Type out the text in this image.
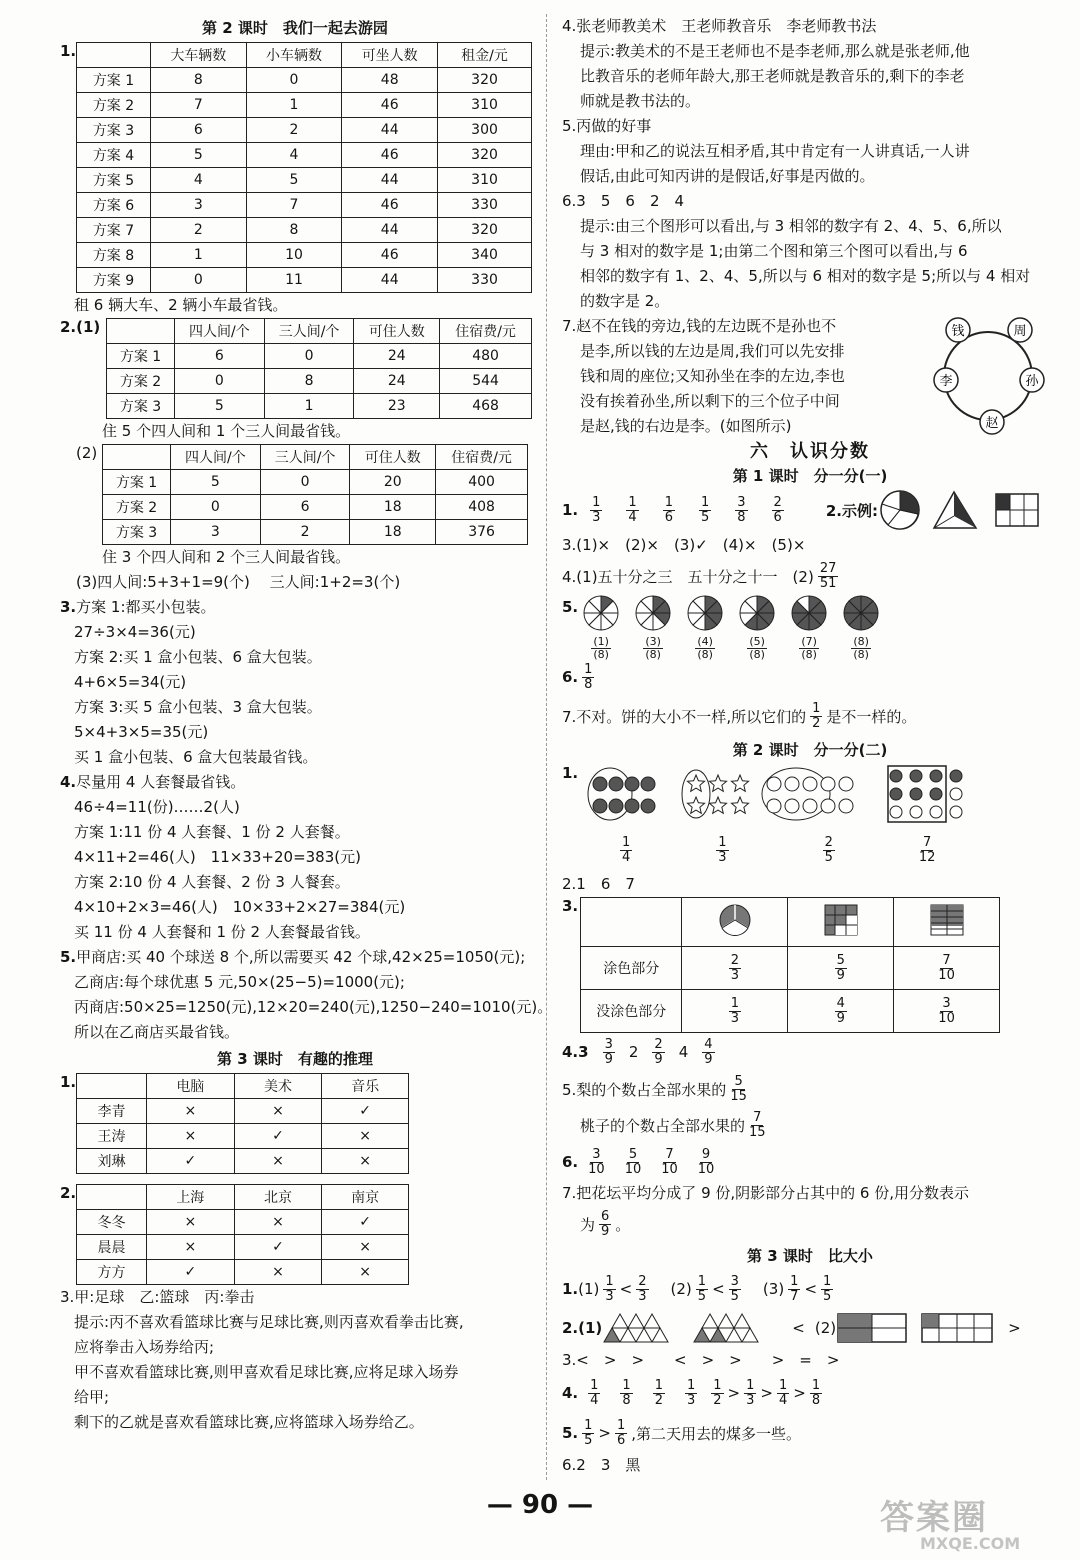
第 2 课时　我们一起去游园
1.
		大车辆数	小车辆数	可坐人数	租金/元
方案 1	8	0	48	320
方案 2	7	1	46	310
方案 3	6	2	44	300
方案 4	5	4	46	320
方案 5	4	5	44	310
方案 6	3	7	46	330
方案 7	2	8	44	320
方案 8	1	10	46	340
方案 9	0	11	44	330
租 6 辆大车、2 辆小车最省钱。
2.(1)
		四人间/个	三人间/个	可住人数	住宿费/元
方案 1	6	0	24	480
方案 2	0	8	24	544
方案 3	5	1	23	468
住 5 个四人间和 1 个三人间最省钱。
(2)
		四人间/个	三人间/个	可住人数	住宿费/元
方案 1	5	0	20	400
方案 2	0	6	18	408
方案 3	3	2	18	376
住 3 个四人间和 2 个三人间最省钱。
(3)四人间:5+3+1=9(个)　 三人间:1+2=3(个)
3.方案 1:都买小包装。
27÷3×4=36(元)
方案 2:买 1 盒小包装、6 盒大包装。
4+6×5=34(元)
方案 3:买 5 盒小包装、3 盒大包装。
5×4+3×5=35(元)
买 1 盒小包装、6 盒大包装最省钱。
4.尽量用 4 人套餐最省钱。
46÷4=11(份)……2(人)
方案 1:11 份 4 人套餐、1 份 2 人套餐。
4×11+2=46(人)　11×33+20=383(元)
方案 2:10 份 4 人套餐、2 份 3 人餐套。
4×10+2×3=46(人)　10×33+2×27=384(元)
买 11 份 4 人套餐和 1 份 2 人套餐最省钱。
5.甲商店:买 40 个球送 8 个,所以需要买 42 个球,42×25=1050(元);
乙商店:每个球优惠 5 元,50×(25−5)=1000(元);
丙商店:50×25=1250(元),12×20=240(元),1250−240=1010(元)。
所以在乙商店买最省钱。
第 3 课时　有趣的推理
1.
		电脑	美术	音乐
李青	×	×	✓
王涛	×	✓	×
刘琳	✓	×	×
2.
		上海	北京	南京
冬冬	×	×	✓
晨晨	×	✓	×
方方	✓	×	×
3.甲:足球　乙:篮球　丙:拳击
提示:丙不喜欢看篮球比赛与足球比赛,则丙喜欢看拳击比赛,
应将拳击入场券给丙;
甲不喜欢看篮球比赛,则甲喜欢看足球比赛,应将足球入场券
给甲;
剩下的乙就是喜欢看篮球比赛,应将篮球入场券给乙。
4.张老师教美术　王老师教音乐　李老师教书法
提示:教美术的不是王老师也不是李老师,那么就是张老师,他
比教音乐的老师年龄大,那王老师就是教音乐的,剩下的李老
师就是教书法的。
5.丙做的好事
理由:甲和乙的说法互相矛盾,其中肯定有一人讲真话,一人讲
假话,由此可知丙讲的是假话,好事是丙做的。
6.3　5　6　2　4
提示:由三个图形可以看出,与 3 相邻的数字有 2、4、5、6,所以
与 3 相对的数字是 1;由第二个图和第三个图可以看出,与 6
相邻的数字有 1、2、4、5,所以与 6 相对的数字是 5;所以与 4 相对
的数字是 2。
7.赵不在钱的旁边,钱的左边既不是孙也不
是李,所以钱的左边是周,我们可以先安排
钱和周的座位;又知孙坐在李的左边,李也
没有挨着孙坐,所以剩下的三个位子中间
是赵,钱的右边是李。(如图所示)
钱	周
孙
赵
李
六　认识分数
第 1 课时　分一分(一)
1. $\frac{1}{3} \frac{1}{4} \frac{1}{6} \frac{1}{5} \frac{3}{8} \frac{2}{6}$	2.示例:
3.(1)×　(2)×　(3)✓　(4)×　(5)×
4.(1)五十分之三　五十分之十一　$(2) \frac{27}{51}$
5.
(1)
(8)
(3)
(8)
(4)
(8)
(5)
(8)
(7)
(8)
(8)
(8)
6. $\frac{1}{8}$
7.不对。饼的大小不一样,所以它们的 $\frac{1}{2}$ 是不一样的。
第 2 课时　分一分(二)
1.
$\frac{1}{4}$	$\frac{1}{3}$	$\frac{2}{5}$	$\frac{7}{12}$
2.1　6　7
3.

涂色部分	$\frac{2}{3}$	$\frac{5}{9}$	$\frac{7}{10}$

没涂色部分	$\frac{1}{3}$	$\frac{4}{9}$	$\frac{3}{10}$
$4.3 \frac{3}{9} 2 \frac{2}{9} 4 \frac{4}{9}$
5.梨的个数占全部水果的 $\frac{5}{15}$
桃子的个数占全部水果的 $\frac{7}{15}$
6. $\frac{3}{10} \frac{5}{10} \frac{7}{10} \frac{9}{10}$
7.把花坛平均分成了 9 份,阴影部分占其中的 6 份,用分数表示
为 $\frac{6}{9}$ 。
第 3 课时　比大小
1. $(1) \frac{1}{3} < \frac{2}{3} (2) \frac{1}{5} < \frac{3}{5} (3) \frac{1}{7} < \frac{1}{5}$
2.(1)	< (2)	>
3.<　>　>　　<　>　>　　>　=　>
4. $\frac{1}{4} \frac{1}{8} \frac{1}{2} \frac{1}{3} \frac{1}{2} > \frac{1}{3} > \frac{1}{4} > \frac{1}{8}$
5. $\frac{1}{5} > \frac{1}{6}$ ,第二天用去的煤多一些。
6.2　3　黑
— 90 —	答案圈
MXQE.COM
